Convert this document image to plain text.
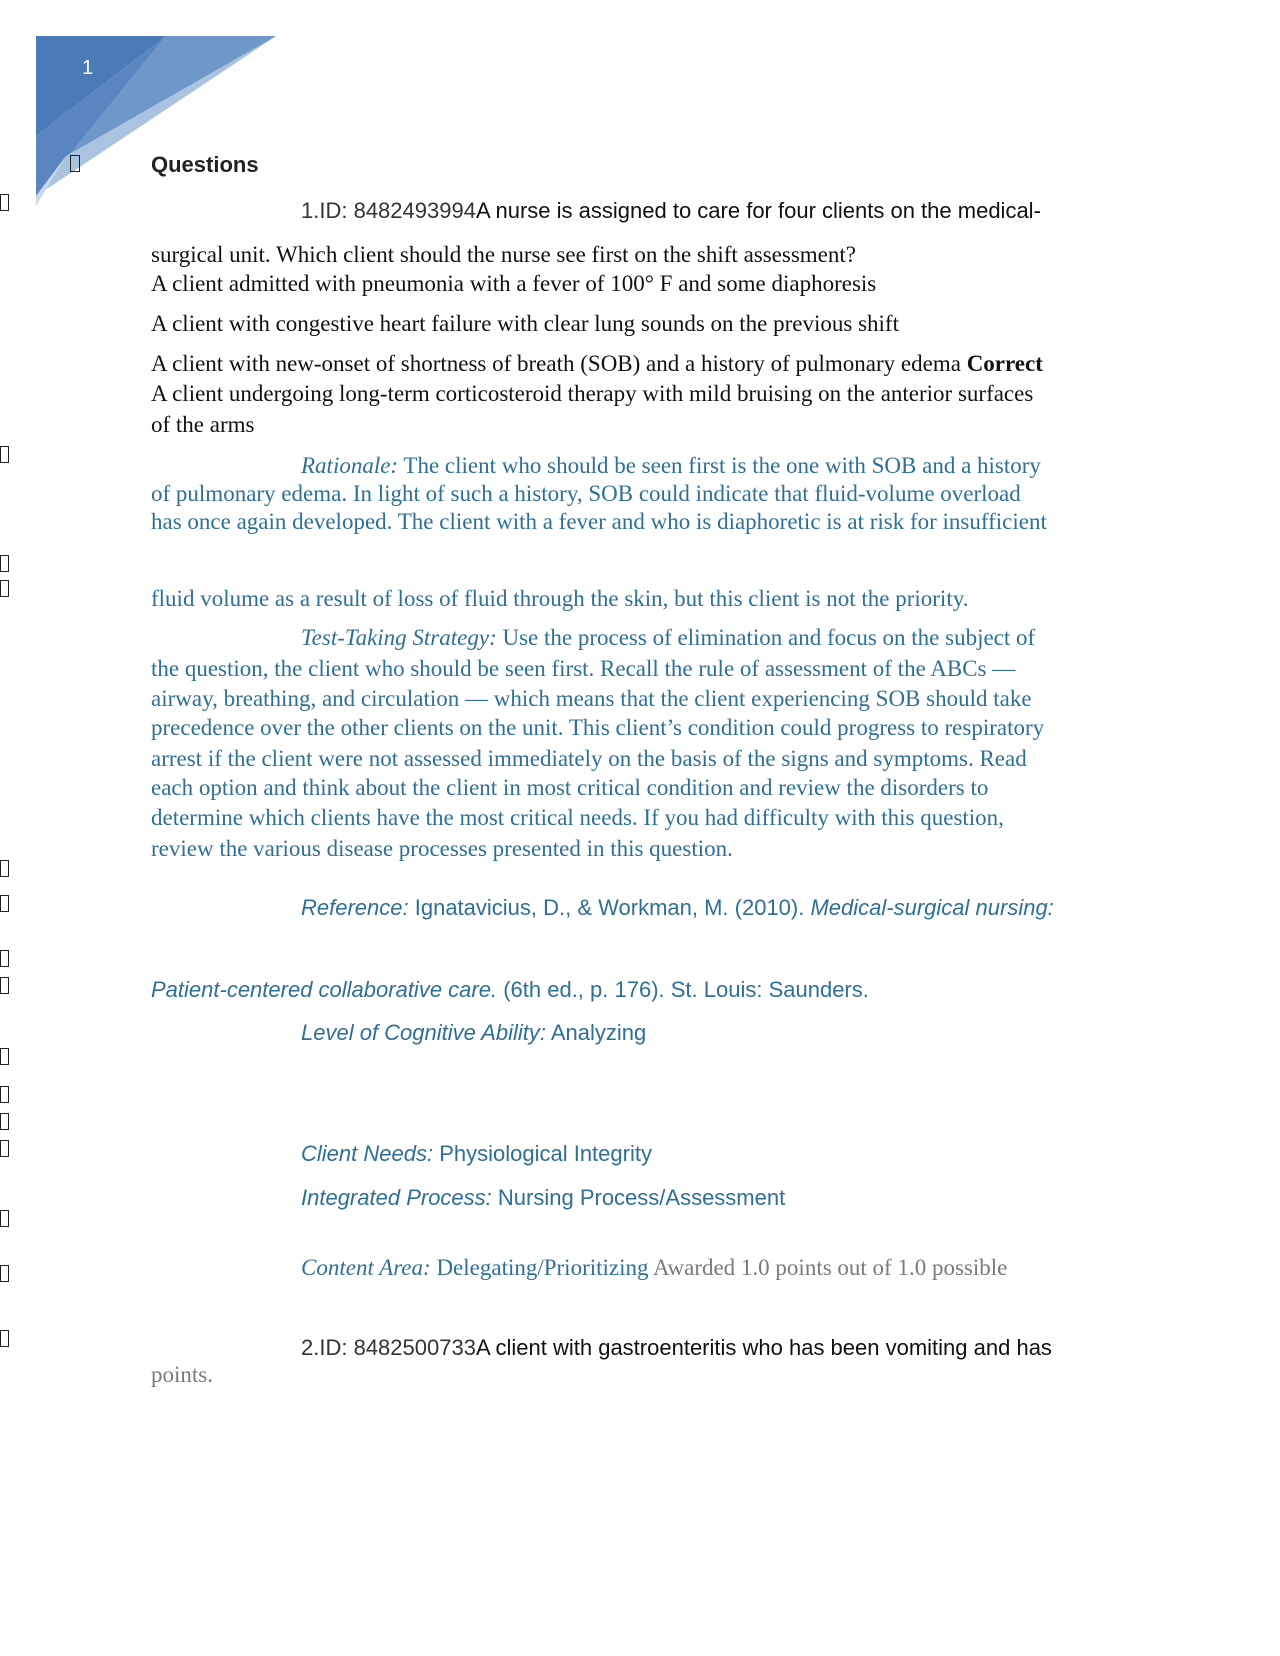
1
Questions
1.ID: 8482493994A nurse is assigned to care for four clients on the medical-
surgical unit. Which client should the nurse see first on the shift assessment?
A client admitted with pneumonia with a fever of 100° F and some diaphoresis
A client with congestive heart failure with clear lung sounds on the previous shift
A client with new-onset of shortness of breath (SOB) and a history of pulmonary edema Correct
A client undergoing long-term corticosteroid therapy with mild bruising on the anterior surfaces
of the arms
Rationale: The client who should be seen first is the one with SOB and a history
of pulmonary edema. In light of such a history, SOB could indicate that fluid-volume overload
has once again developed. The client with a fever and who is diaphoretic is at risk for insufficient
fluid volume as a result of loss of fluid through the skin, but this client is not the priority.
Test-Taking Strategy: Use the process of elimination and focus on the subject of
the question, the client who should be seen first. Recall the rule of assessment of the ABCs —
airway, breathing, and circulation — which means that the client experiencing SOB should take
precedence over the other clients on the unit. This client’s condition could progress to respiratory
arrest if the client were not assessed immediately on the basis of the signs and symptoms. Read
each option and think about the client in most critical condition and review the disorders to
determine which clients have the most critical needs. If you had difficulty with this question,
review the various disease processes presented in this question.
Reference: Ignatavicius, D., & Workman, M. (2010). Medical-surgical nursing:
Patient-centered collaborative care. (6th ed., p. 176). St. Louis: Saunders.
Level of Cognitive Ability: Analyzing
Client Needs: Physiological Integrity
Integrated Process: Nursing Process/Assessment
Content Area: Delegating/Prioritizing Awarded 1.0 points out of 1.0 possible
2.ID: 8482500733A client with gastroenteritis who has been vomiting and has
points.
